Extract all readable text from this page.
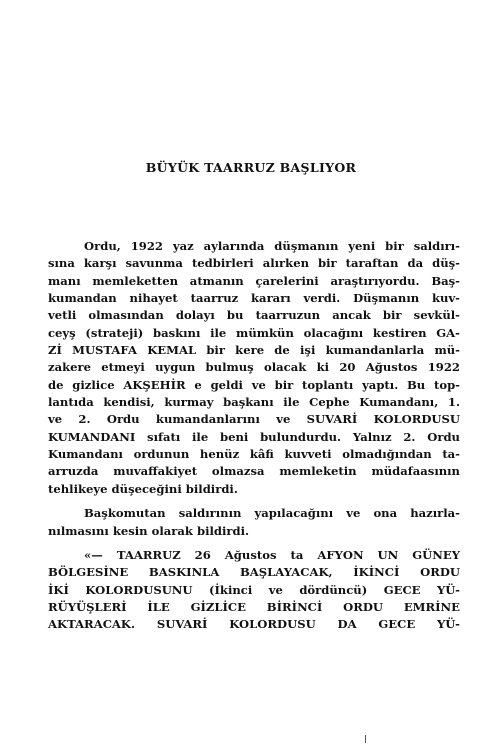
BÜYÜK TAARRUZ BAŞLIYOR
Ordu, 1922 yaz aylarında düşmanın yeni bir saldırı-
sına karşı savunma tedbirleri alırken bir taraftan da düş-
manı memleketten atmanın çarelerini araştırıyordu. Baş-
kumandan nihayet taarruz kararı verdi. Düşmanın kuv-
vetli olmasından dolayı bu taarruzun ancak bir sevkül-
ceyş (strateji) baskını ile mümkün olacağını kestiren GA-
Zİ MUSTAFA KEMAL bir kere de işi kumandanlarla mü-
zakere etmeyi uygun bulmuş olacak ki 20 Ağustos 1922
de gizlice AKŞEHİR e geldi ve bir toplantı yaptı. Bu top-
lantıda kendisi, kurmay başkanı ile Cephe Kumandanı, 1.
ve 2. Ordu kumandanlarını ve SUVARİ KOLORDUSU
KUMANDANI sıfatı ile beni bulundurdu. Yalnız 2. Ordu
Kumandanı ordunun henüz kâfi kuvveti olmadığından ta-
arruzda muvaffakiyet olmazsa memleketin müdafaasının
tehlikeye düşeceğini bildirdi.
Başkomutan saldırının yapılacağını ve ona hazırla-
nılmasını kesin olarak bildirdi.
«— TAARRUZ 26 Ağustos ta AFYON UN GÜNEY
BÖLGESİNE BASKINLA BAŞLAYACAK, İKİNCİ ORDU
İKİ KOLORDUSUNU (İkinci ve dördüncü) GECE YÜ-
RÜYÜŞLERİ İLE GİZLİCE BİRİNCİ ORDU EMRİNE
AKTARACAK. SUVARİ KOLORDUSU DA GECE YÜ-
